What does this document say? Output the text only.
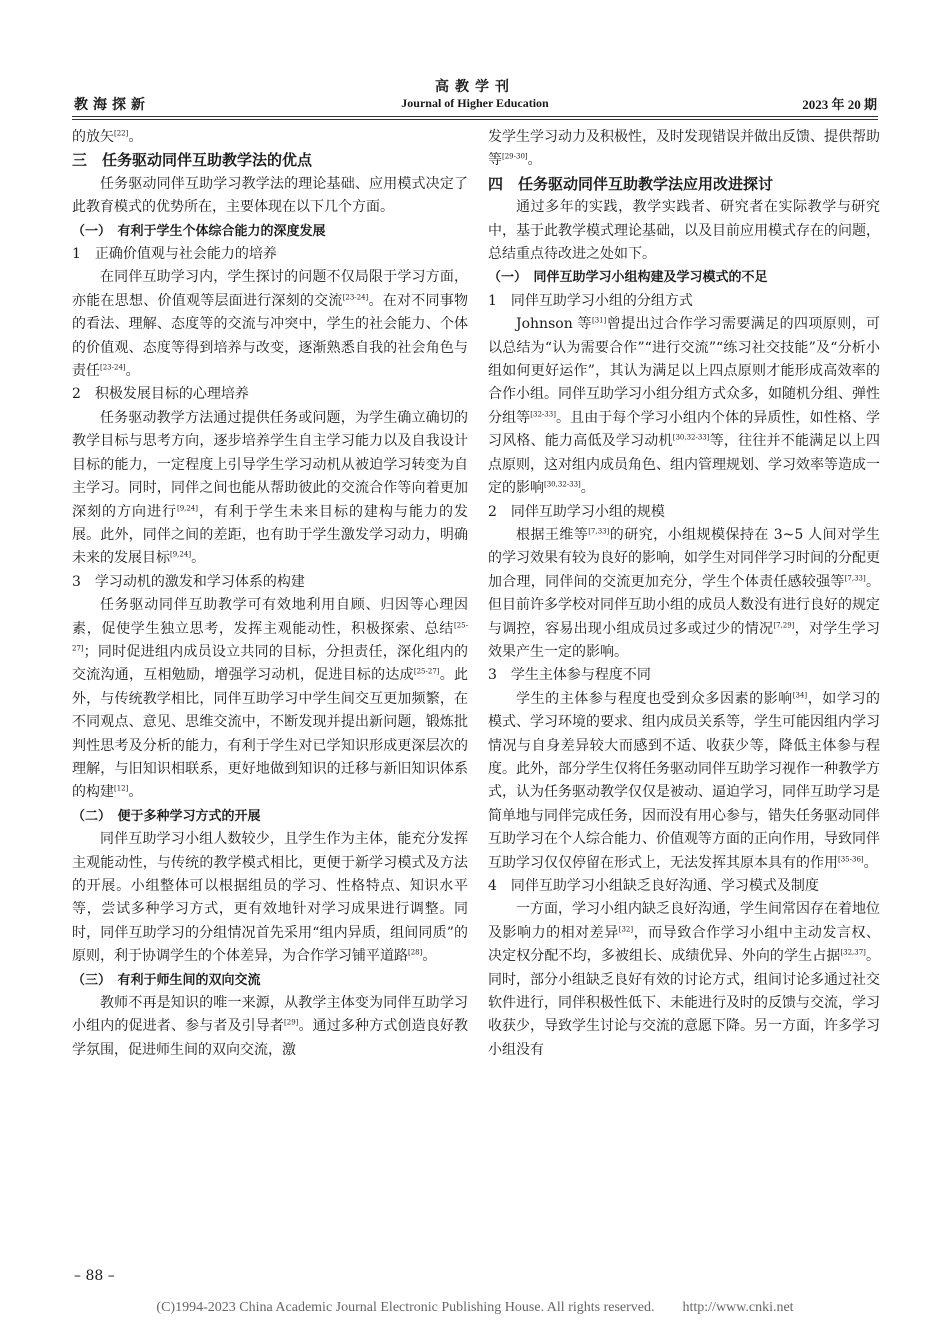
高教学刊
Journal of Higher Education
教海探新	2023 年 20 期

的放矢[22]。

三　任务驱动同伴互助教学法的优点

任务驱动同伴互助学习教学法的理论基础、应用模式决定了此教育模式的优势所在，主要体现在以下几个方面。

（一）　有利于学生个体综合能力的深度发展

1　正确价值观与社会能力的培养

在同伴互助学习内，学生探讨的问题不仅局限于学习方面，亦能在思想、价值观等层面进行深刻的交流[23-24]。在对不同事物的看法、理解、态度等的交流与冲突中，学生的社会能力、个体的价值观、态度等得到培养与改变，逐渐熟悉自我的社会角色与责任[23-24]。

2　积极发展目标的心理培养

任务驱动教学方法通过提供任务或问题，为学生确立确切的教学目标与思考方向，逐步培养学生自主学习能力以及自我设计目标的能力，一定程度上引导学生学习动机从被迫学习转变为自主学习。同时，同伴之间也能从帮助彼此的交流合作等向着更加深刻的方向进行[9,24]，有利于学生未来目标的建构与能力的发展。此外，同伴之间的差距，也有助于学生激发学习动力，明确未来的发展目标[9,24]。

3　学习动机的激发和学习体系的构建

任务驱动同伴互助教学可有效地利用自顾、归因等心理因素，促使学生独立思考，发挥主观能动性，积极探索、总结[25-27]；同时促进组内成员设立共同的目标，分担责任，深化组内的交流沟通，互相勉励，增强学习动机，促进目标的达成[25-27]。此外，与传统教学相比，同伴互助学习中学生间交互更加频繁，在不同观点、意见、思维交流中，不断发现并提出新问题，锻炼批判性思考及分析的能力，有利于学生对已学知识形成更深层次的理解，与旧知识相联系，更好地做到知识的迁移与新旧知识体系的构建[12]。

（二）　便于多种学习方式的开展

同伴互助学习小组人数较少，且学生作为主体，能充分发挥主观能动性，与传统的教学模式相比，更便于新学习模式及方法的开展。小组整体可以根据组员的学习、性格特点、知识水平等，尝试多种学习方式，更有效地针对学习成果进行调整。同时，同伴互助学习的分组情况首先采用“组内异质，组间同质”的原则，利于协调学生的个体差异，为合作学习铺平道路[28]。

（三）　有利于师生间的双向交流

教师不再是知识的唯一来源，从教学主体变为同伴互助学习小组内的促进者、参与者及引导者[29]。通过多种方式创造良好教学氛围，促进师生间的双向交流，激

发学生学习动力及积极性，及时发现错误并做出反馈、提供帮助等[29-30]。

四　任务驱动同伴互助教学法应用改进探讨

通过多年的实践，教学实践者、研究者在实际教学与研究中，基于此教学模式理论基础，以及目前应用模式存在的问题，总结重点待改进之处如下。

（一）　同伴互助学习小组构建及学习模式的不足

1　同伴互助学习小组的分组方式

Johnson 等[31]曾提出过合作学习需要满足的四项原则，可以总结为“认为需要合作”“进行交流”“练习社交技能”及“分析小组如何更好运作”，其认为满足以上四点原则才能形成高效率的合作小组。同伴互助学习小组分组方式众多，如随机分组、弹性分组等[32-33]。且由于每个学习小组内个体的异质性，如性格、学习风格、能力高低及学习动机[30,32-33]等，往往并不能满足以上四点原则，这对组内成员角色、组内管理规划、学习效率等造成一定的影响[30,32-33]。

2　同伴互助学习小组的规模

根据王维等[7,33]的研究，小组规模保持在 3~5 人间对学生的学习效果有较为良好的影响，如学生对同伴学习时间的分配更加合理，同伴间的交流更加充分，学生个体责任感较强等[7,33]。但目前许多学校对同伴互助小组的成员人数没有进行良好的规定与调控，容易出现小组成员过多或过少的情况[7,29]，对学生学习效果产生一定的影响。

3　学生主体参与程度不同

学生的主体参与程度也受到众多因素的影响[34]，如学习的模式、学习环境的要求、组内成员关系等，学生可能因组内学习情况与自身差异较大而感到不适、收获少等，降低主体参与程度。此外，部分学生仅将任务驱动同伴互助学习视作一种教学方式，认为任务驱动教学仅仅是被动、逼迫学习，同伴互助学习是简单地与同伴完成任务，因而没有用心参与，错失任务驱动同伴互助学习在个人综合能力、价值观等方面的正向作用，导致同伴互助学习仅仅停留在形式上，无法发挥其原本具有的作用[35-36]。

4　同伴互助学习小组缺乏良好沟通、学习模式及制度

一方面，学习小组内缺乏良好沟通，学生间常因存在着地位及影响力的相对差异[32]，而导致合作学习小组中主动发言权、决定权分配不均，多被组长、成绩优异、外向的学生占据[32,37]。同时，部分小组缺乏良好有效的讨论方式，组间讨论多通过社交软件进行，同伴积极性低下、未能进行及时的反馈与交流，学习收获少，导致学生讨论与交流的意愿下降。另一方面，许多学习小组没有

– 88 –
(C)1994-2023 China Academic Journal Electronic Publishing House. All rights reserved.　　http://www.cnki.net
